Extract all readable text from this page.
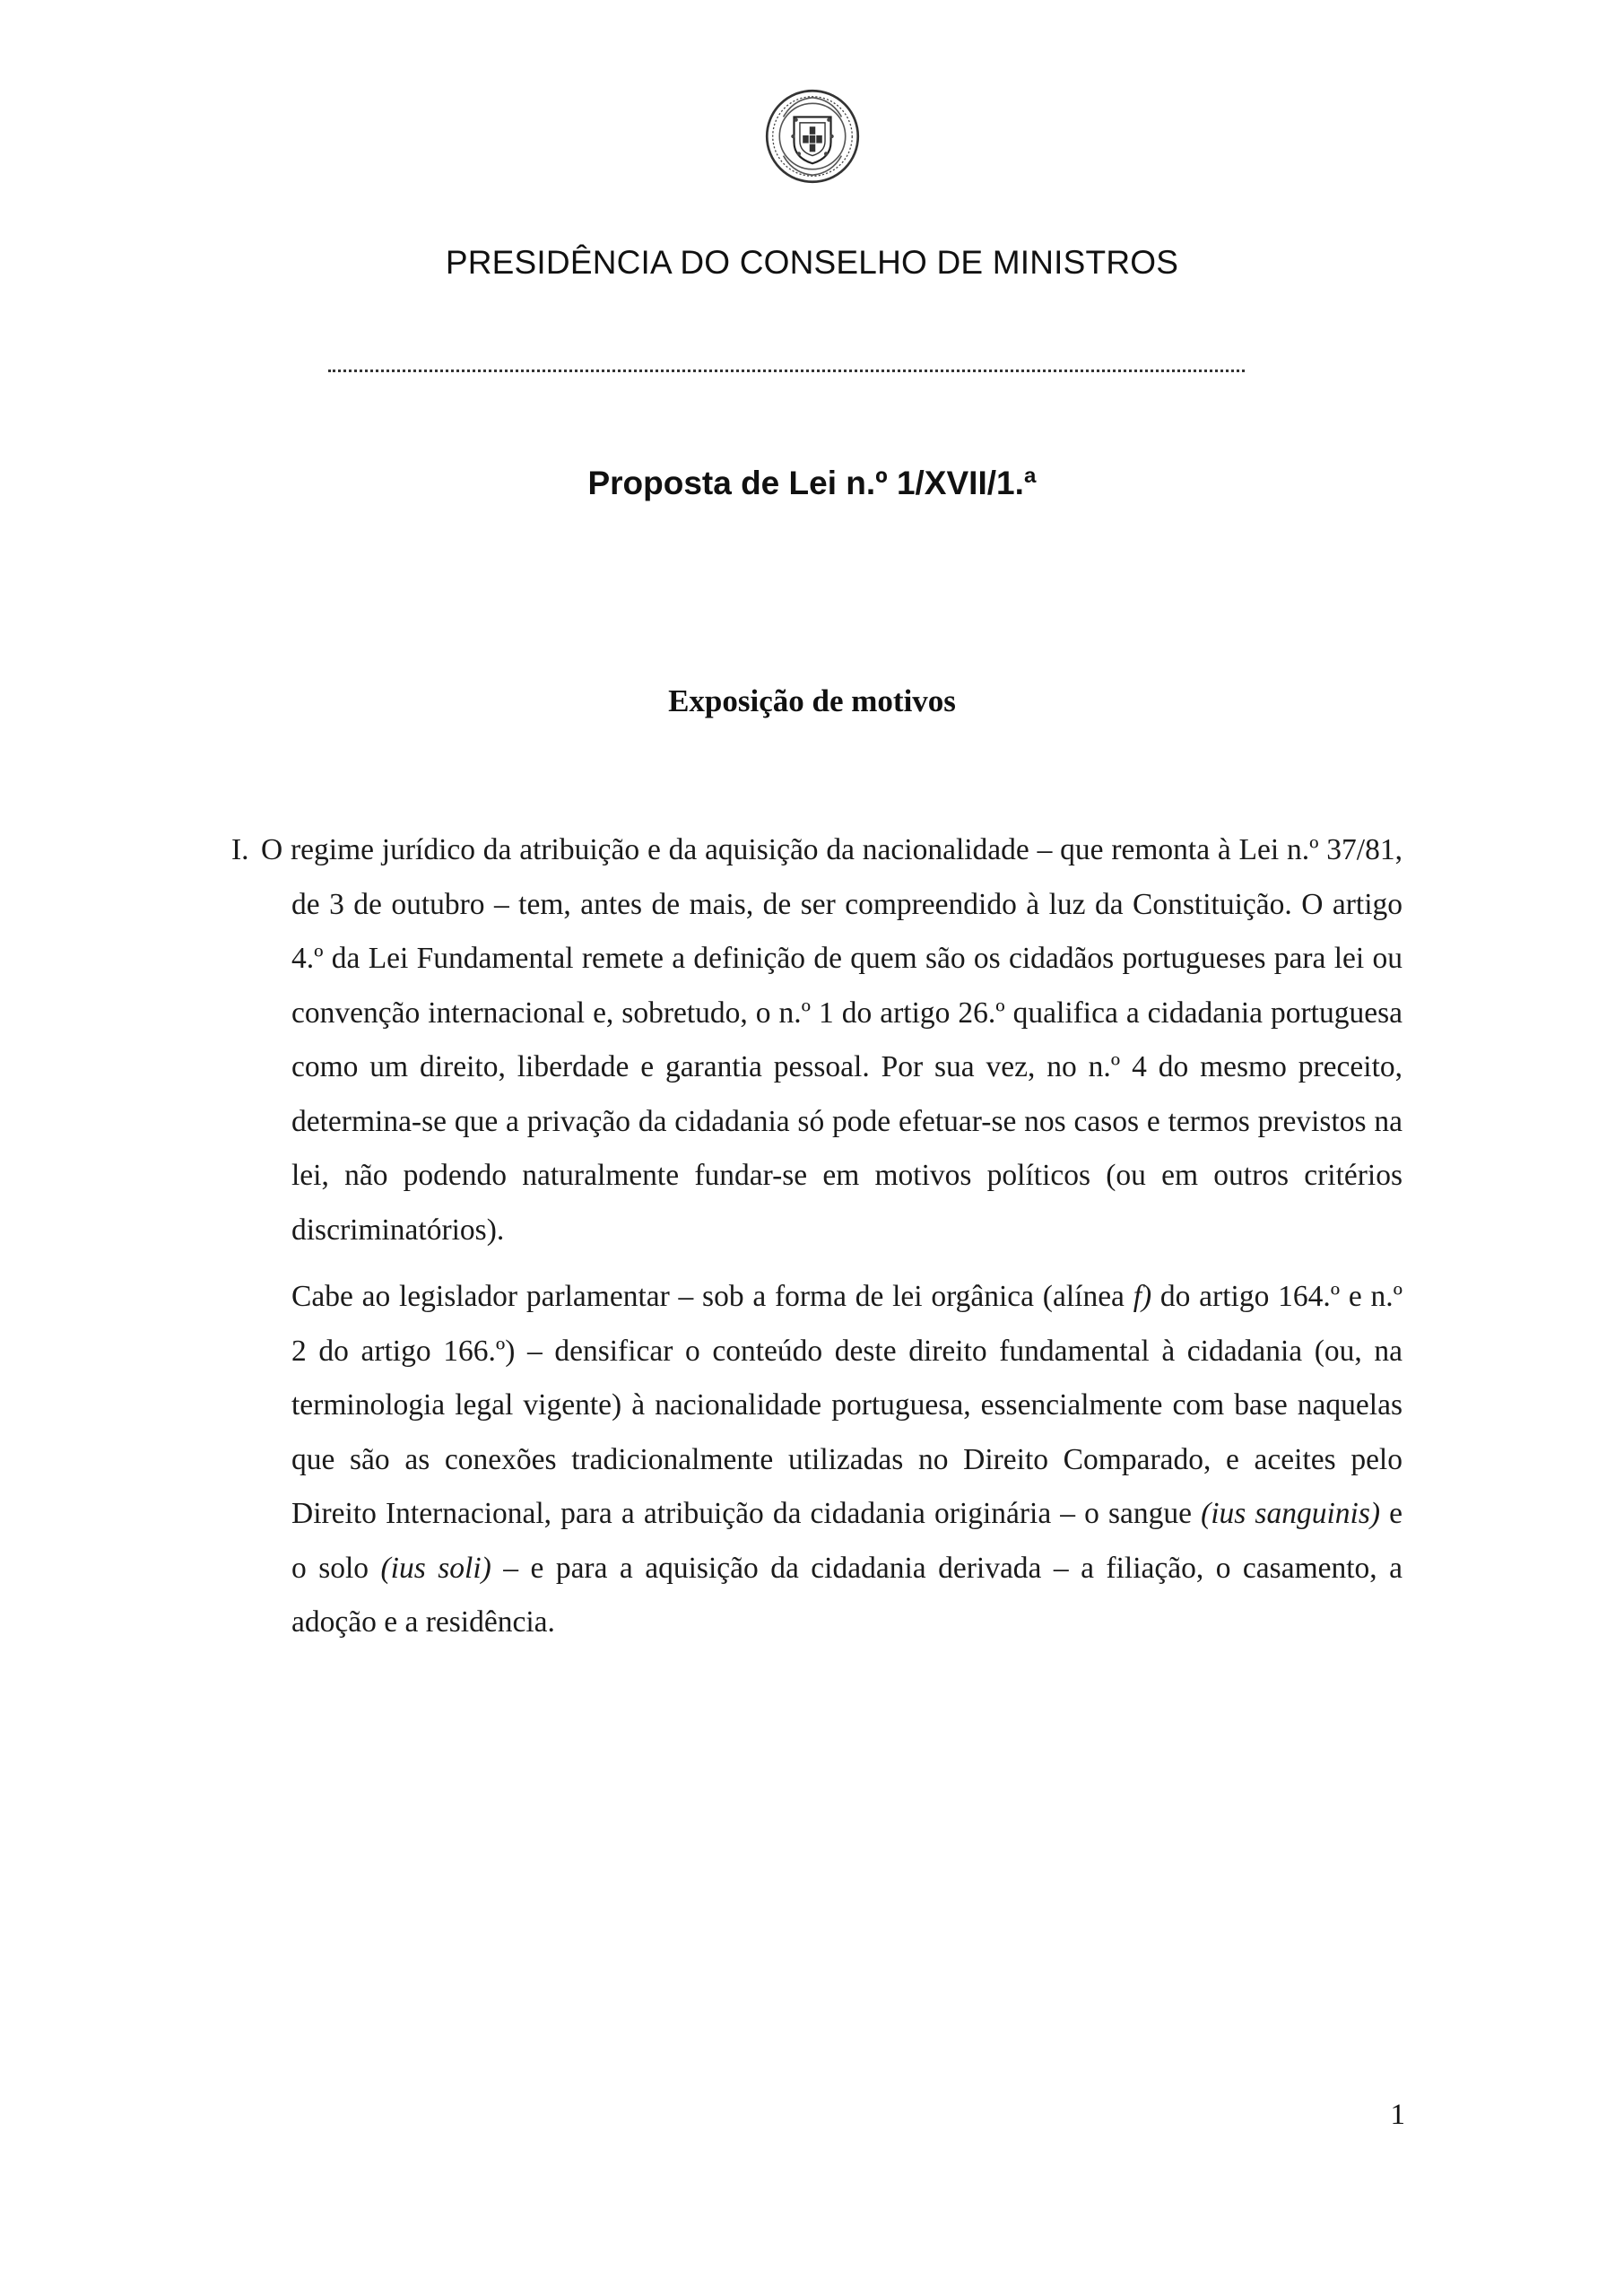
PRESIDÊNCIA DO CONSELHO DE MINISTROS
Proposta de Lei n.º 1/XVII/1.ª
Exposição de motivos

I. O regime jurídico da atribuição e da aquisição da nacionalidade – que remonta à Lei n.º 37/81, de 3 de outubro – tem, antes de mais, de ser compreendido à luz da Constituição. O artigo 4.º da Lei Fundamental remete a definição de quem são os cidadãos portugueses para lei ou convenção internacional e, sobretudo, o n.º 1 do artigo 26.º qualifica a cidadania portuguesa como um direito, liberdade e garantia pessoal. Por sua vez, no n.º 4 do mesmo preceito, determina-se que a privação da cidadania só pode efetuar-se nos casos e termos previstos na lei, não podendo naturalmente fundar-se em motivos políticos (ou em outros critérios discriminatórios).

Cabe ao legislador parlamentar – sob a forma de lei orgânica (alínea f) do artigo 164.º e n.º 2 do artigo 166.º) – densificar o conteúdo deste direito fundamental à cidadania (ou, na terminologia legal vigente) à nacionalidade portuguesa, essencialmente com base naquelas que são as conexões tradicionalmente utilizadas no Direito Comparado, e aceites pelo Direito Internacional, para a atribuição da cidadania originária – o sangue (ius sanguinis) e o solo (ius soli) – e para a aquisição da cidadania derivada – a filiação, o casamento, a adoção e a residência.

1
